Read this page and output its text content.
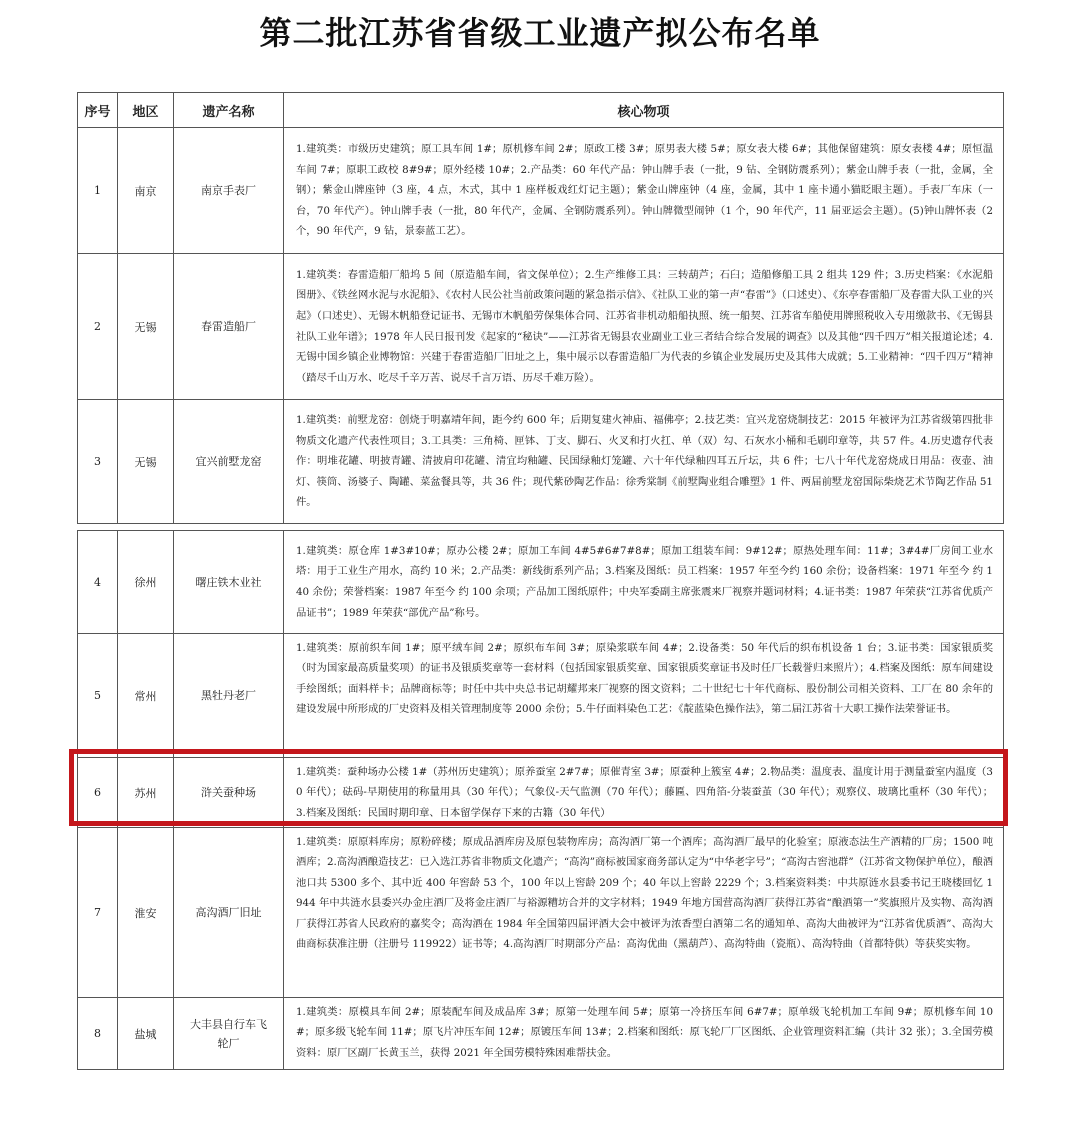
第二批江苏省省级工业遗产拟公布名单
序号	地区	遗产名称	核心物项
1	南京	南京手表厂	1.建筑类：市级历史建筑；原工具车间 1#；原机修车间 2#；原政工楼 3#；原男表大楼 5#；原女表大楼 6#；其他保留建筑：原女表楼 4#；原恒温车间 7#；原职工政校 8#9#；原外经楼 10#；2.产品类：60 年代产品：钟山牌手表（一批，9 钻、全钢防震系列）；紫金山牌手表（一批，金属，全钢）；紫金山牌座钟（3 座，4 点，木式，其中 1 座样板戏红灯记主题）；紫金山牌座钟（4 座，金属，其中 1 座卡通小猫眨眼主题）。手表厂车床（一台，70 年代产）。钟山牌手表（一批，80 年代产，金属、全钢防震系列）。钟山牌微型闹钟（1 个，90 年代产，11 届亚运会主题）。(5)钟山牌怀表（2 个，90 年代产，9 钻，景泰蓝工艺）。
2	无锡	春雷造船厂	1.建筑类：春雷造船厂船坞 5 间（原造船车间，省文保单位）；2.生产维修工具：三转葫芦；石臼；造船修船工具 2 组共 129 件；3.历史档案：《水泥船图册》、《铁丝网水泥与水泥船》、《农村人民公社当前政策问题的紧急指示信》、《社队工业的第一声“春雷”》（口述史）、《东亭春雷船厂及春雷大队工业的兴起》（口述史）、无锡木帆船登记证书、无锡市木帆船劳保集体合同、江苏省非机动船船执照、统一船契、江苏省车船使用牌照税收入专用缴款书、《无锡县社队工业年谱》；1978 年人民日报刊发《起家的“秘诀”——江苏省无锡县农业副业工业三者结合综合发展的调查》以及其他“四千四万”相关报道论述；4.无锡中国乡镇企业博物馆：兴建于春雷造船厂旧址之上，集中展示以春雷造船厂为代表的乡镇企业发展历史及其伟大成就；5.工业精神：“四千四万”精神（踏尽千山万水、吃尽千辛万苦、说尽千言万语、历尽千难万险）。
3	无锡	宜兴前墅龙窑	1.建筑类：前墅龙窑：创烧于明嘉靖年间，距今约 600 年；后期复建火神庙、福佛亭；2.技艺类：宜兴龙窑烧制技艺：2015 年被评为江苏省级第四批非物质文化遗产代表性项目；3.工具类：三角椅、匣钵、丁支、脚石、火叉和打火扛、单（双）勾、石灰水小桶和毛刷印章等，共 57 件。4.历史遗存代表作：明堆花罐、明披青罐、清披肩印花罐、清宜均釉罐、民国绿釉灯笼罐、六十年代绿釉四耳五斤坛，共 6 件；七八十年代龙窑烧成日用品：夜壶、油灯、筷筒、汤婆子、陶罐、菜盆餐具等，共 36 件；现代紫砂陶艺作品：徐秀棠制《前墅陶业组合雕塑》1 件、两届前墅龙窑国际柴烧艺术节陶艺作品 51 件。
4	徐州	曙庄铁木业社	1.建筑类：原仓库 1#3#10#；原办公楼 2#；原加工车间 4#5#6#7#8#；原加工组装车间：9#12#；原热处理车间：11#；3#4#厂房间工业水塔：用于工业生产用水，高约 10 米；2.产品类：新线街系列产品；3.档案及图纸：员工档案：1957 年至今约 160 余份；设备档案：1971 年至今 约 140 余份；荣誉档案：1987 年至今 约 100 余项；产品加工图纸原件；中央军委副主席张震来厂视察并题词材料；4.证书类：1987 年荣获“江苏省优质产品证书”；1989 年荣获“部优产品”称号。
5	常州	黑牡丹老厂	1.建筑类：原前织车间 1#；原平绒车间 2#；原织布车间 3#；原染浆联车间 4#；2.设备类：50 年代后的织布机设备 1 台；3.证书类：国家银质奖（时为国家最高质量奖项）的证书及银质奖章等一套材料（包括国家银质奖章、国家银质奖章证书及时任厂长载誉归来照片）；4.档案及图纸：原车间建设手绘图纸；面料样卡；品牌商标等；时任中共中央总书记胡耀邦来厂视察的图文资料；二十世纪七十年代商标、股份制公司相关资料、工厂在 80 余年的建设发展中所形成的厂史资料及相关管理制度等 2000 余份；5.牛仔面料染色工艺：《靛蓝染色操作法》，第二届江苏省十大职工操作法荣誉证书。

6	苏州	浒关蚕种场	1.建筑类：蚕种场办公楼 1#（苏州历史建筑）；原养蚕室 2#7#；原催青室 3#；原蚕种上簇室 4#；2.物品类：温度表、温度计用于测量蚕室内温度（30 年代）；砝码-早期使用的称量用具（30 年代）；气象仪-天气监测（70 年代）；藤匾、四角箔-分装蚕茧（30 年代）；观察仪、玻璃比重杯（30 年代）；3.档案及图纸：民国时期印章、日本留学保存下来的古籍（30 年代）

7	淮安	高沟酒厂旧址	1.建筑类：原原料库房；原粉碎楼；原成品酒库房及原包装物库房；高沟酒厂第一个酒库；高沟酒厂最早的化验室；原液态法生产酒精的厂房；1500 吨酒库；2.高沟酒酿造技艺：已入选江苏省非物质文化遗产；“高沟”商标被国家商务部认定为“中华老字号”；“高沟古窖池群”（江苏省文物保护单位），酿酒池口共 5300 多个、其中近 400 年窖龄 53 个，100 年以上窖龄 209 个；40 年以上窖龄 2229 个；3.档案资料类：中共原涟水县委书记王晓楼回忆 1944 年中共涟水县委兴办金庄酒厂及将金庄酒厂与裕源糟坊合并的文字材料；1949 年地方国营高沟酒厂获得江苏省“酿酒第一”奖旗照片及实物、高沟酒厂获得江苏省人民政府的嘉奖令；高沟酒在 1984 年全国第四届评酒大会中被评为浓香型白酒第二名的通知单、高沟大曲被评为“江苏省优质酒”、高沟大曲商标获准注册（注册号 119922）证书等；4.高沟酒厂时期部分产品：高沟优曲（黑葫芦）、高沟特曲（瓷瓶）、高沟特曲（首都特供）等获奖实物。

8	盐城	大丰县自行车飞轮厂	1.建筑类：原模具车间 2#；原装配车间及成品库 3#；原第一处理车间 5#；原第一冷挤压车间 6#7#；原单级飞轮机加工车间 9#；原机修车间 10#；原多级飞轮车间 11#；原飞片冲压车间 12#；原镀压车间 13#；2.档案和图纸：原飞轮厂厂区图纸、企业管理资料汇编（共计 32 张）；3.全国劳模资料：原厂区副厂长黄玉兰，获得 2021 年全国劳模特殊困难帮扶金。
